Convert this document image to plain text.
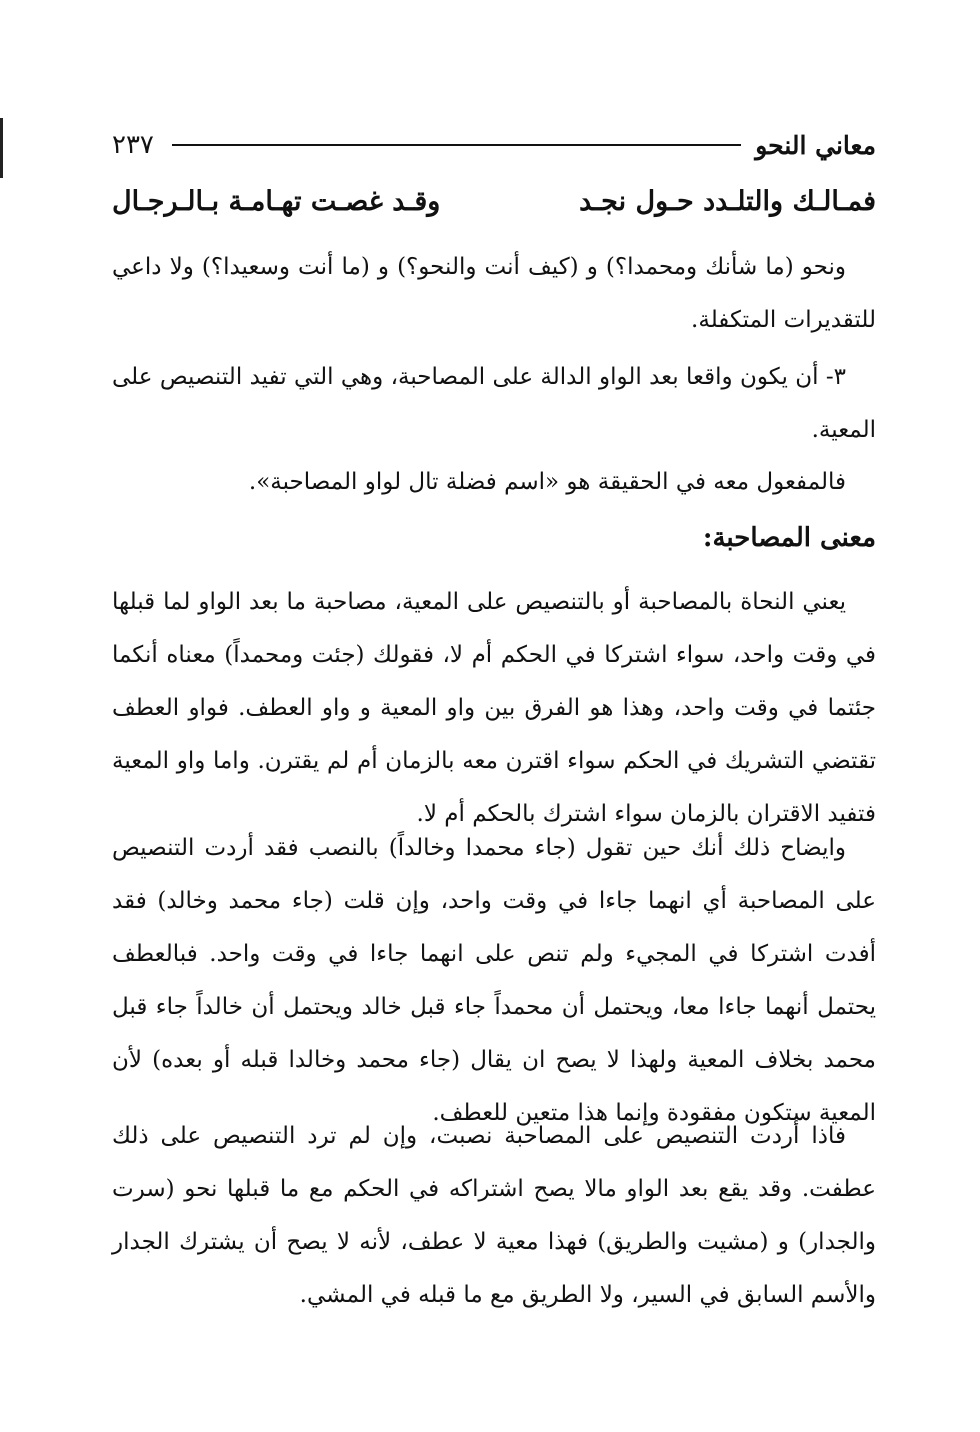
معاني النحو
٢٣٧
فمـالـك والتلـدد حـول نجـد
وقـد غصـت تهـامـة بـالـرجـال

ونحو (ما شأنك ومحمدا؟) و (كيف أنت والنحو؟) و (ما أنت وسعيدا؟) ولا داعي للتقديرات المتكفلة.

٣- أن يكون واقعا بعد الواو الدالة على المصاحبة، وهي التي تفيد التنصيص على المعية.

فالمفعول معه في الحقيقة هو «اسم فضلة تال لواو المصاحبة».

معنى المصاحبة:

يعني النحاة بالمصاحبة أو بالتنصيص على المعية، مصاحبة ما بعد الواو لما قبلها في وقت واحد، سواء اشتركا في الحكم أم لا، فقولك (جئت ومحمداً) معناه أنكما جئتما في وقت واحد، وهذا هو الفرق بين واو المعية و واو العطف. فواو العطف تقتضي التشريك في الحكم سواء اقترن معه بالزمان أم لم يقترن. واما واو المعية فتفيد الاقتران بالزمان سواء اشترك بالحكم أم لا.

وايضاح ذلك أنك حين تقول (جاء محمدا وخالداً) بالنصب فقد أردت التنصيص على المصاحبة أي انهما جاءا في وقت واحد، وإن قلت (جاء محمد وخالد) فقد أفدت اشتركا في المجيء ولم تنص على انهما جاءا في وقت واحد. فبالعطف يحتمل أنهما جاءا معا، ويحتمل أن محمداً جاء قبل خالد ويحتمل أن خالداً جاء قبل محمد بخلاف المعية ولهذا لا يصح ان يقال (جاء محمد وخالدا قبله أو بعده) لأن المعية ستكون مفقودة وإنما هذا متعين للعطف.

فاذا أردت التنصيص على المصاحبة نصبت، وإن لم ترد التنصيص على ذلك عطفت. وقد يقع بعد الواو مالا يصح اشتراكه في الحكم مع ما قبلها نحو (سرت والجدار) و (مشيت والطريق) فهذا معية لا عطف، لأنه لا يصح أن يشترك الجدار والأسم السابق في السير، ولا الطريق مع ما قبله في المشي.
